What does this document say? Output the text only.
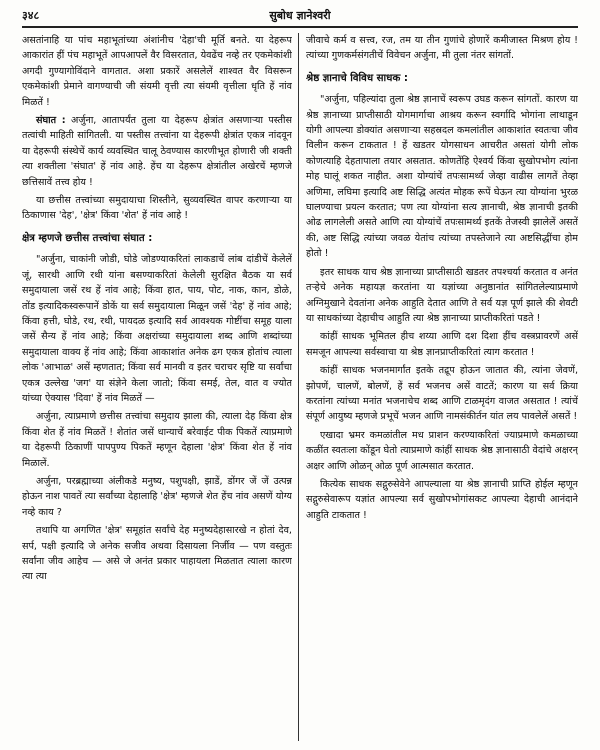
३४८	सुबोध ज्ञानेश्वरी

असतांनाहि या पांच महाभूतांच्या अंशांनीच 'देहा'ची मूर्ति बनते. या देहरूप आकारांत हीं पंच महाभूतें आपआपलें वैर विसरतात, येवढेंच नव्हे तर एकमेकांशी अगदी गुण्यागोविंदाने वागतात. अशा प्रकारें असलेलें शाश्वत वैर विसरून एकमेकांशी प्रेमाने वागण्याची जी संयमी वृत्ती त्या संयमी वृत्तीला धृति हें नांव मिळतें !

संघात : अर्जुना, आतापर्यंत तुला या देहरूप क्षेत्रांत असणाऱ्या पस्तीस तत्वांची माहिती सांगितली. या पस्तीस तत्त्वांना या देहरूपी क्षेत्रांत एकत्र नांदवून या देहरूपी संस्थेचें कार्य व्यवस्थित चालू ठेवण्यास कारणीभूत होणारी जी शक्ती त्या शक्तीला 'संघात' हें नांव आहे. हेंच या देहरूप क्षेत्रांतील अखेरचें म्हणजे छत्तिसावें तत्त्व होय !

या छत्तीस तत्त्वांच्या समुदायाचा शिस्तीने, सुव्यवस्थित वापर करणाऱ्या या ठिकाणास 'देह', 'क्षेत्र' किंवा 'शेत' हें नांव आहे !

क्षेत्र म्हणजे छत्तीस तत्त्वांचा संघात :

"अर्जुना, चाकांनी जोडी, घोडे जोडण्याकरितां लाकडाचें लांब दांडीचें केलेलें जूं, सारथी आणि रथी यांना बसण्याकरितां केलेली सुरक्षित बैठक या सर्व समुदायाला जसें रथ हें नांव आहे; किंवा हात, पाय, पोट, नाक, कान, डोळे, तोंड इत्यादिकस्वरूपानें डोकें या सर्व समुदायाला मिळून जसें 'देह' हें नांव आहे; किंवा हत्ती, घोडे, रथ, रथी, पायदळ इत्यादि सर्व आवश्यक गोष्टींचा समूह याला जसें सैन्य हें नांव आहे; किंवा अक्षरांच्या समुदायाला शब्द आणि शब्दांच्या समुदायाला वाक्य हें नांव आहे; किंवा आकाशांत अनेक ढग एकत्र होतांच त्याला लोक 'आभाळ' असें म्हणतात; किंवा सर्व मानवी व इतर चराचर सृष्टि या सर्वांचा एकत्र उल्लेख 'जग' या संज्ञेने केला जातो; किंवा समई, तेल, वात व ज्योत यांच्या ऐक्यास 'दिवा' हें नांव मिळतें —

अर्जुना, त्याप्रमाणे छत्तीस तत्त्वांचा समुदाय झाला की, त्याला देह किंवा क्षेत्र किंवा शेत हें नांव मिळतें ! शेतांत जसें धान्याचें बरेवाईट पीक पिकतें त्याप्रमाणे या देहरूपी ठिकाणीं पापपुण्य पिकतें म्हणून देहाला 'क्षेत्र' किंवा शेत हें नांव मिळालें.

अर्जुना, परब्रह्माच्या अंलीकडे मनुष्य, पशुपक्षी, झाडें, डोंगर जें जें उत्पन्न होऊन नाश पावतें त्या सर्वांच्या देहालाहि 'क्षेत्र' म्हणजे शेत हेंच नांव असणें योग्य नव्हे काय ?

तथापि या अगणित 'क्षेत्र' समूहांत सर्वांचे देह मनुष्यदेहासारखे न होतां देव, सर्प, पक्षी इत्यादि जे अनेक सजीव अथवा दिसायला निर्जीव — पण वस्तुतः सर्वांना जीव आहेच — असे जे अनंत प्रकार पाहायला मिळतात त्याला कारण त्या त्या

जीवाचे कर्म व सत्त्व, रज, तम या तीन गुणांचे होणारें कमीजास्त मिश्रण होय ! त्यांच्या गुणकर्मसंगतीचें विवेचन अर्जुना, मी तुला नंतर सांगतों.

श्रेष्ठ ज्ञानाचे विविध साधक :

"अर्जुना, पहिल्यांदा तुला श्रेष्ठ ज्ञानाचें स्वरूप उघड करून सांगतों. कारण या श्रेष्ठ ज्ञानाच्या प्राप्तीसाठी योगमार्गाचा आश्रय करून स्वर्गादि भोगांना लाथाडून योगी आपल्या डोक्यांत असणाऱ्या सहस्रदल कमलांतील आकाशांत स्वतःचा जीव विलीन करून टाकतात ! हें खडतर योगसाधन आचरीत असतां योगी लोक कोणत्याहि देहतापाला तयार असतात. कोणतेंहि ऐश्वर्य किंवा सुखोपभोग त्यांना मोह घालूं शकत नाहीत. अशा योग्यांचें तपःसामर्थ्य जेव्हा वाढीस लागतें तेव्हा अणिमा, लघिमा इत्यादि अष्ट सिद्धि अत्यंत मोहक रूपें घेऊन त्या योग्यांना भुरळ घालण्याचा प्रयत्न करतात; पण त्या योग्यांना सत्य ज्ञानाची, श्रेष्ठ ज्ञानाची इतकी ओढ लागलेली असते आणि त्या योग्यांचें तपःसामर्थ्य इतकें तेजस्वी झालेलें असतें की, अष्ट सिद्धि त्यांच्या जवळ येतांच त्यांच्या तपस्तेजाने त्या अष्टसिद्धींचा होम होतो !

इतर साधक याच श्रेष्ठ ज्ञानाच्या प्राप्तीसाठी खडतर तपश्चर्या करतात व अनंत तऱ्हेचे अनेक महायज्ञ करतांना या यज्ञांच्या अनुष्ठानांत सांगितलेल्याप्रमाणे अग्निमुखाने देवतांना अनेक आहुति देतात आणि ते सर्व यज्ञ पूर्ण झाले की शेवटी या साधकांच्या देहाचीच आहुति त्या श्रेष्ठ ज्ञानाच्या प्राप्तीकरितां पडते !

कांहीं साधक भूमितल हीच शय्या आणि दश दिशा हींच वस्त्रप्रावरणें असें समजून आपल्या सर्वस्वाचा या श्रेष्ठ ज्ञानप्राप्तीकरितां त्याग करतात !

कांहीं साधक भजनमार्गांत इतके तद्रूप होऊन जातात की, त्यांना जेवणें, झोपणें, चालणें, बोलणें, हें सर्व भजनच असें वाटतें; कारण या सर्व क्रिया करतांना त्यांच्या मनांत भजनाचेच शब्द आणि टाळमृदंग वाजत असतात ! त्यांचें संपूर्ण आयुष्य म्हणजे प्रभूचें भजन आणि नामसंकीर्तन यांत लय पावलेलें असतें !

एखादा भ्रमर कमळांतील मध प्राशन करण्याकरितां ज्याप्रमाणे कमळाच्या कळींत स्वतःला कोंडून घेतो त्याप्रमाणे कांहीं साधक श्रेष्ठ ज्ञानासाठी वेदांचे अक्षरन् अक्षर आणि ओळन् ओळ पूर्ण आत्मसात करतात.

कित्येक साधक सद्गुरुसेवेने आपल्याला या श्रेष्ठ ज्ञानाची प्राप्ति होईल म्हणून सद्गुरुसेवारूप यज्ञांत आपल्या सर्व सुखोपभोगांसकट आपल्या देहाची आनंदाने आहुति टाकतात !
